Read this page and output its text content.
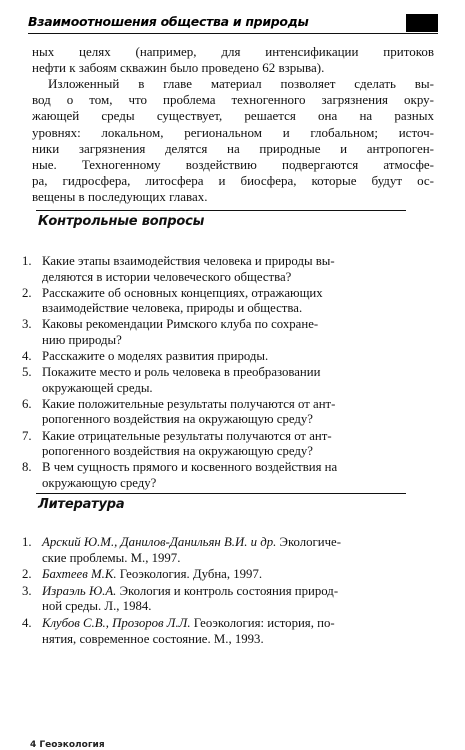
Взаимоотношения общества и природы
ных целях (например, для интенсификации притоков
нефти к забоям скважин было проведено 62 взрыва).
Изложенный в главе материал позволяет сделать вы-
вод о том, что проблема техногенного загрязнения окру-
жающей среды существует, решается она на разных
уровнях: локальном, региональном и глобальном; источ-
ники загрязнения делятся на природные и антропоген-
ные. Техногенному воздействию подвергаются атмосфе-
ра, гидросфера, литосфера и биосфера, которые будут ос-
вещены в последующих главах.
Контрольные вопросы
1. Какие этапы взаимодействия человека и природы вы-
деляются в истории человеческого общества?
2. Расскажите об основных концепциях, отражающих
взаимодействие человека, природы и общества.
3. Каковы рекомендации Римского клуба по сохране-
нию природы?
4. Расскажите о моделях развития природы.
5. Покажите место и роль человека в преобразовании
окружающей среды.
6. Какие положительные результаты получаются от ант-
ропогенного воздействия на окружающую среду?
7. Какие отрицательные результаты получаются от ант-
ропогенного воздействия на окружающую среду?
8. В чем сущность прямого и косвенного воздействия на
окружающую среду?
Литература
1. Арский Ю.М., Данилов-Данильян В.И. и др. Экологиче-
ские проблемы. М., 1997.
2. Бахтеев М.К. Геоэкология. Дубна, 1997.
3. Израэль Ю.А. Экология и контроль состояния природ-
ной среды. Л., 1984.
4. Клубов С.В., Прозоров Л.Л. Геоэкология: история, по-
нятия, современное состояние. М., 1993.
4 Геоэкология
